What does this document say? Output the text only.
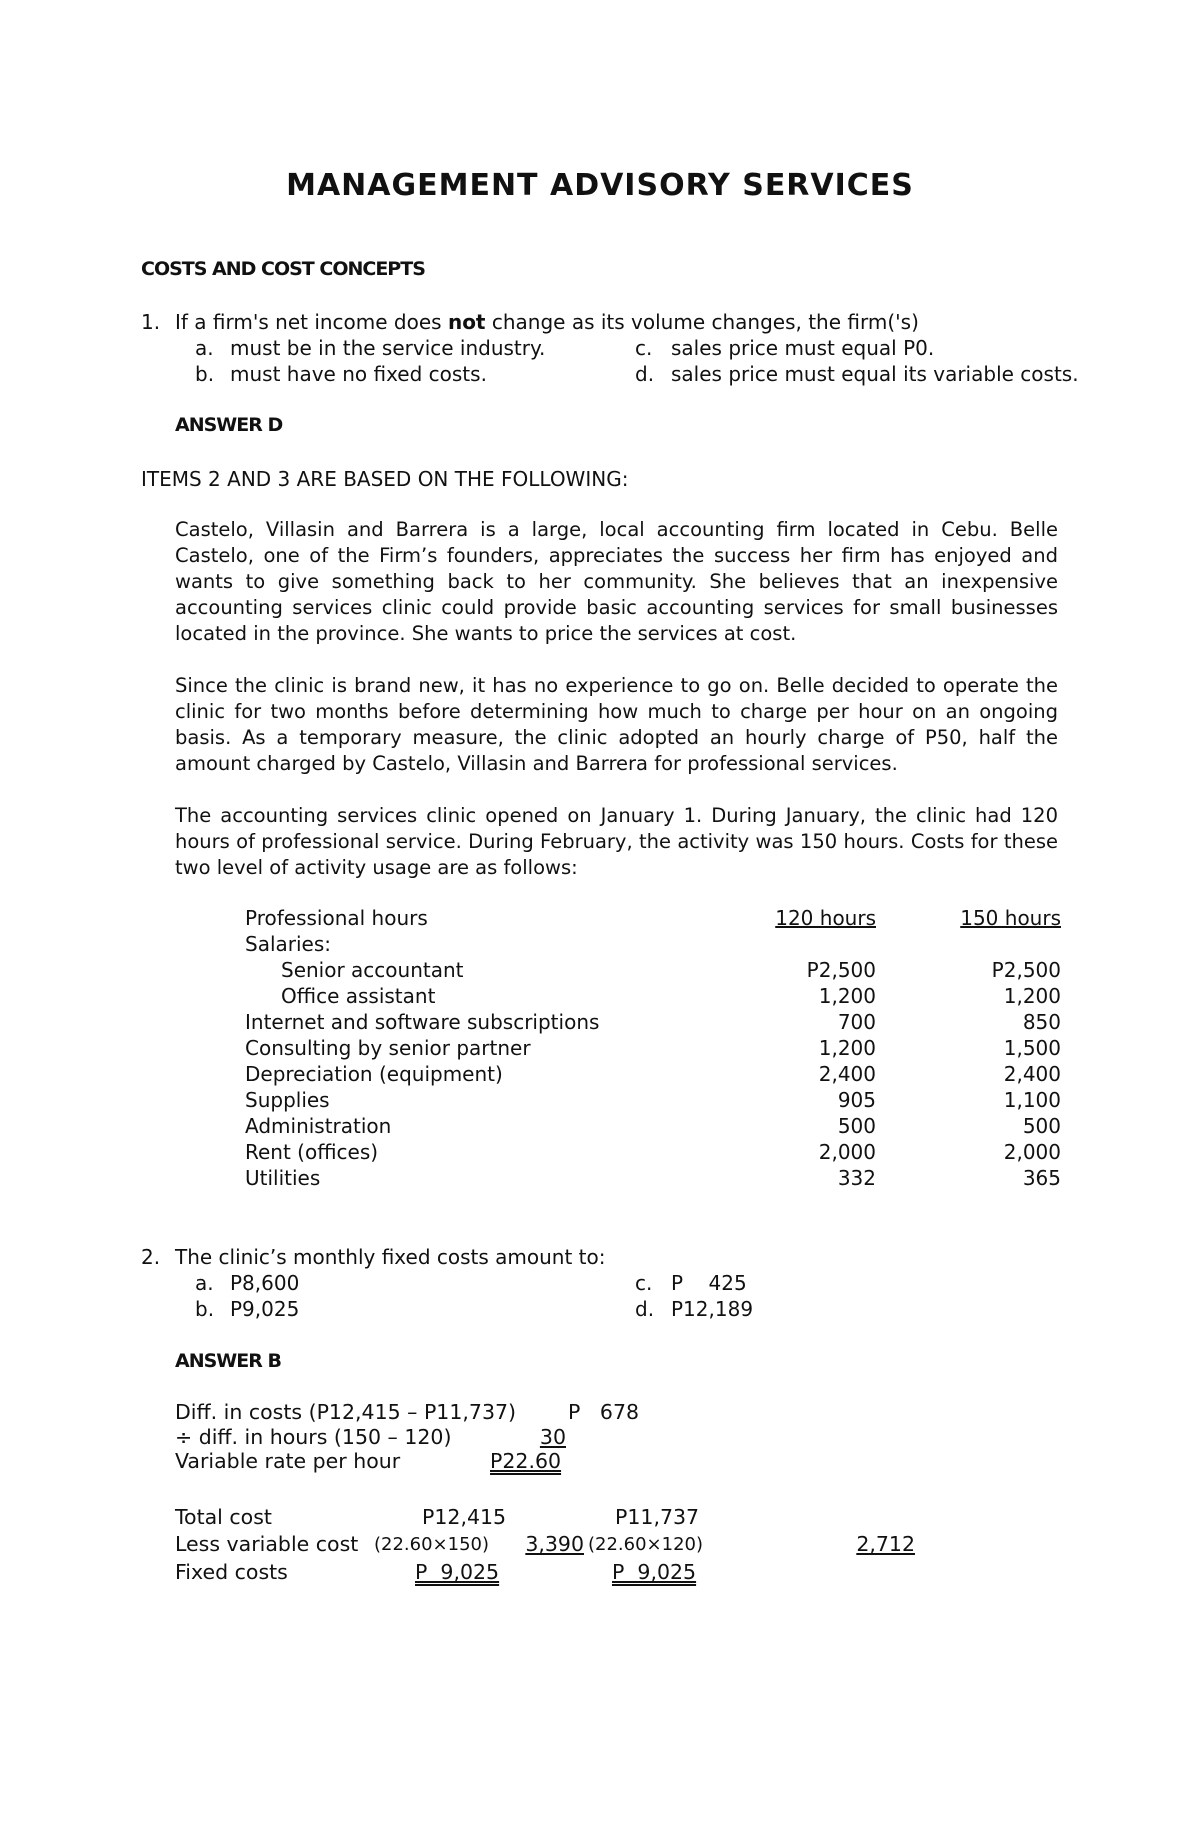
MANAGEMENT ADVISORY SERVICES
COSTS AND COST CONCEPTS
1. If a firm's net income does not change as its volume changes, the firm('s)
a. must be in the service industry.
b. must have no fixed costs.
c. sales price must equal P0.
d. sales price must equal its variable costs.
ANSWER D
ITEMS 2 AND 3 ARE BASED ON THE FOLLOWING:
Castelo, Villasin and Barrera is a large, local accounting firm located in Cebu. Belle Castelo, one of the Firm’s founders, appreciates the success her firm has enjoyed and wants to give something back to her community. She believes that an inexpensive accounting services clinic could provide basic accounting services for small businesses located in the province. She wants to price the services at cost.
Since the clinic is brand new, it has no experience to go on. Belle decided to operate the clinic for two months before determining how much to charge per hour on an ongoing basis. As a temporary measure, the clinic adopted an hourly charge of P50, half the amount charged by Castelo, Villasin and Barrera for professional services.
The accounting services clinic opened on January 1. During January, the clinic had 120 hours of professional service. During February, the activity was 150 hours. Costs for these two level of activity usage are as follows:
Professional hours	120 hours	150 hours
Salaries:		
Senior accountant	P2,500	P2,500
Office assistant	1,200	1,200
Internet and software subscriptions	700	850
Consulting by senior partner	1,200	1,500
Depreciation (equipment)	2,400	2,400
Supplies	905	1,100
Administration	500	500
Rent (offices)	2,000	2,000
Utilities	332	365
2. The clinic’s monthly fixed costs amount to:
a. P8,600
b. P9,025
c. P    425
d. P12,189
ANSWER B
Diff. in costs (P12,415 – P11,737)	P   678
÷ diff. in hours (150 – 120)	30
Variable rate per hour	P22.60
Total cost	P12,415	P11,737
Less variable cost (22.60×150)	3,390 (22.60×120)	2,712
Fixed costs	P  9,025	P  9,025
